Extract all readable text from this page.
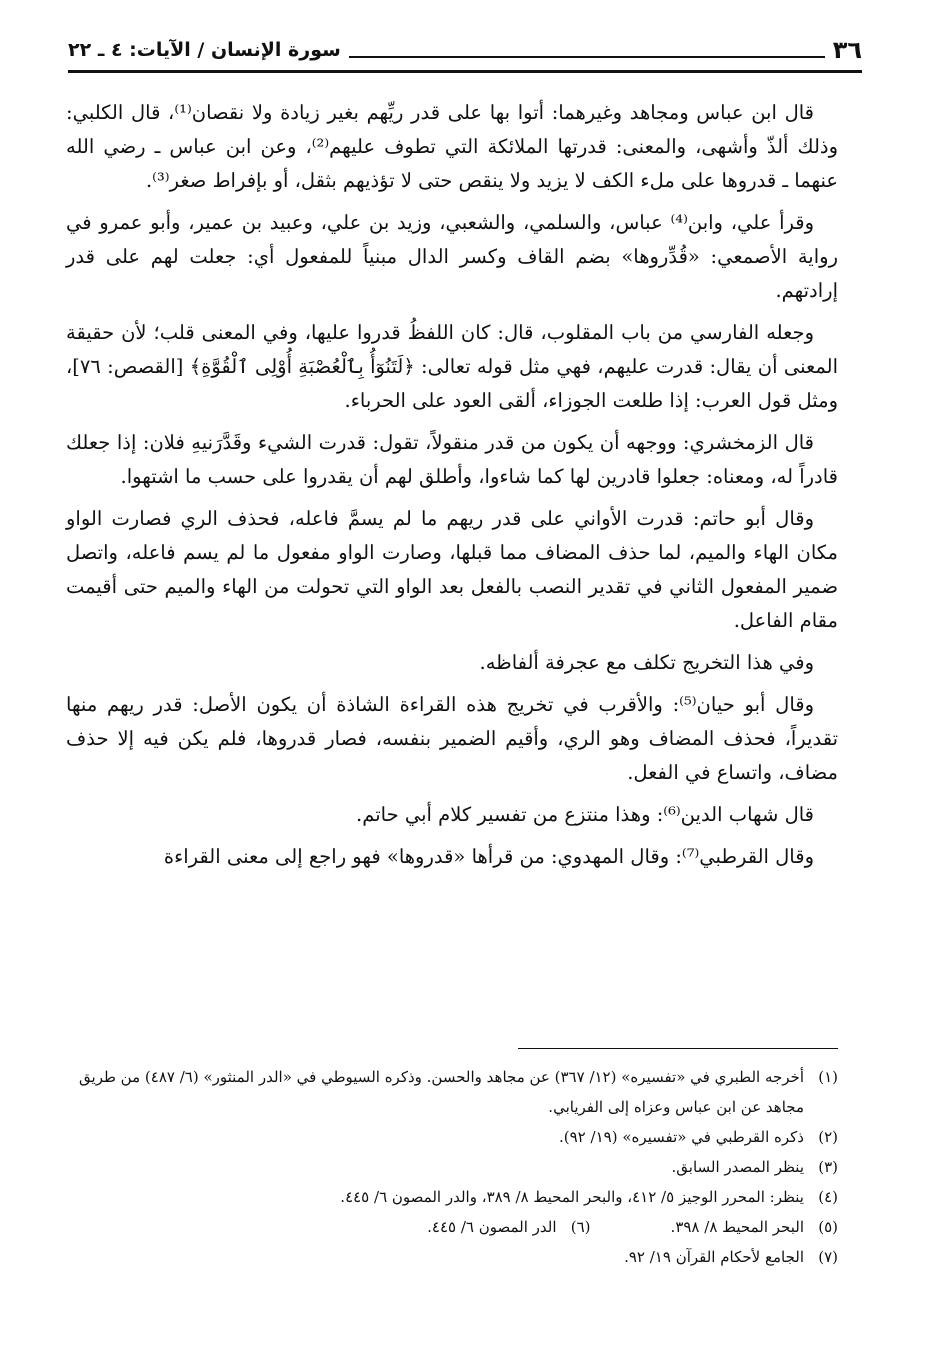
سورة الإنسان / الآيات: ٤ ـ ٢٢	٣٦

قال ابن عباس ومجاهد وغيرهما: أتوا بها على قدر ريِّهم بغير زيادة ولا نقصان⁽¹⁾، قال الكلبي: وذلك ألذّ وأشهى، والمعنى: قدرتها الملائكة التي تطوف عليهم⁽²⁾، وعن ابن عباس ـ رضي الله عنهما ـ قدروها على ملء الكف لا يزيد ولا ينقص حتى لا تؤذيهم بثقل، أو بإفراط صغر⁽³⁾.

وقرأ علي، وابن⁽⁴⁾ عباس، والسلمي، والشعبي، وزيد بن علي، وعبيد بن عمير، وأبو عمرو في رواية الأصمعي: «قُدِّروها» بضم القاف وكسر الدال مبنياً للمفعول أي: جعلت لهم على قدر إرادتهم.

وجعله الفارسي من باب المقلوب، قال: كان اللفظُ قدروا عليها، وفي المعنى قلب؛ لأن حقيقة المعنى أن يقال: قدرت عليهم، فهي مثل قوله تعالى: ﴿لَتَنُوٓأُ بِٱلْعُصْبَةِ أُوْلِى ٱلْقُوَّةِ﴾ [القصص: ٧٦]، ومثل قول العرب: إذا طلعت الجوزاء، ألقى العود على الحرباء.

قال الزمخشري: ووجهه أن يكون من قدر منقولاً، تقول: قدرت الشيء وقَدَّرَنيهِ فلان: إذا جعلك قادراً له، ومعناه: جعلوا قادرين لها كما شاءوا، وأطلق لهم أن يقدروا على حسب ما اشتهوا.

وقال أبو حاتم: قدرت الأواني على قدر ريهم ما لم يسمَّ فاعله، فحذف الري فصارت الواو مكان الهاء والميم، لما حذف المضاف مما قبلها، وصارت الواو مفعول ما لم يسم فاعله، واتصل ضمير المفعول الثاني في تقدير النصب بالفعل بعد الواو التي تحولت من الهاء والميم حتى أقيمت مقام الفاعل.

وفي هذا التخريج تكلف مع عجرفة ألفاظه.

وقال أبو حيان⁽⁵⁾: والأقرب في تخريج هذه القراءة الشاذة أن يكون الأصل: قدر ريهم منها تقديراً، فحذف المضاف وهو الري، وأقيم الضمير بنفسه، فصار قدروها، فلم يكن فيه إلا حذف مضاف، واتساع في الفعل.

قال شهاب الدين⁽⁶⁾: وهذا منتزع من تفسير كلام أبي حاتم.

وقال القرطبي⁽⁷⁾: وقال المهدوي: من قرأها «قدروها» فهو راجع إلى معنى القراءة

(١)
أخرجه الطبري في «تفسيره» (١٢/ ٣٦٧) عن مجاهد والحسن. وذكره السيوطي في «الدر المنثور» (٦/ ٤٨٧) من طريق مجاهد عن ابن عباس وعزاه إلى الفريابي.
(٢)
ذكره القرطبي في «تفسيره» (١٩/ ٩٢).
(٣)
ينظر المصدر السابق.
(٤)
ينظر: المحرر الوجيز ٥/ ٤١٢، والبحر المحيط ٨/ ٣٨٩، والدر المصون ٦/ ٤٤٥.
(٥)
البحر المحيط ٨/ ٣٩٨.
(٦)
الدر المصون ٦/ ٤٤٥.
(٧)
الجامع لأحكام القرآن ١٩/ ٩٢.
